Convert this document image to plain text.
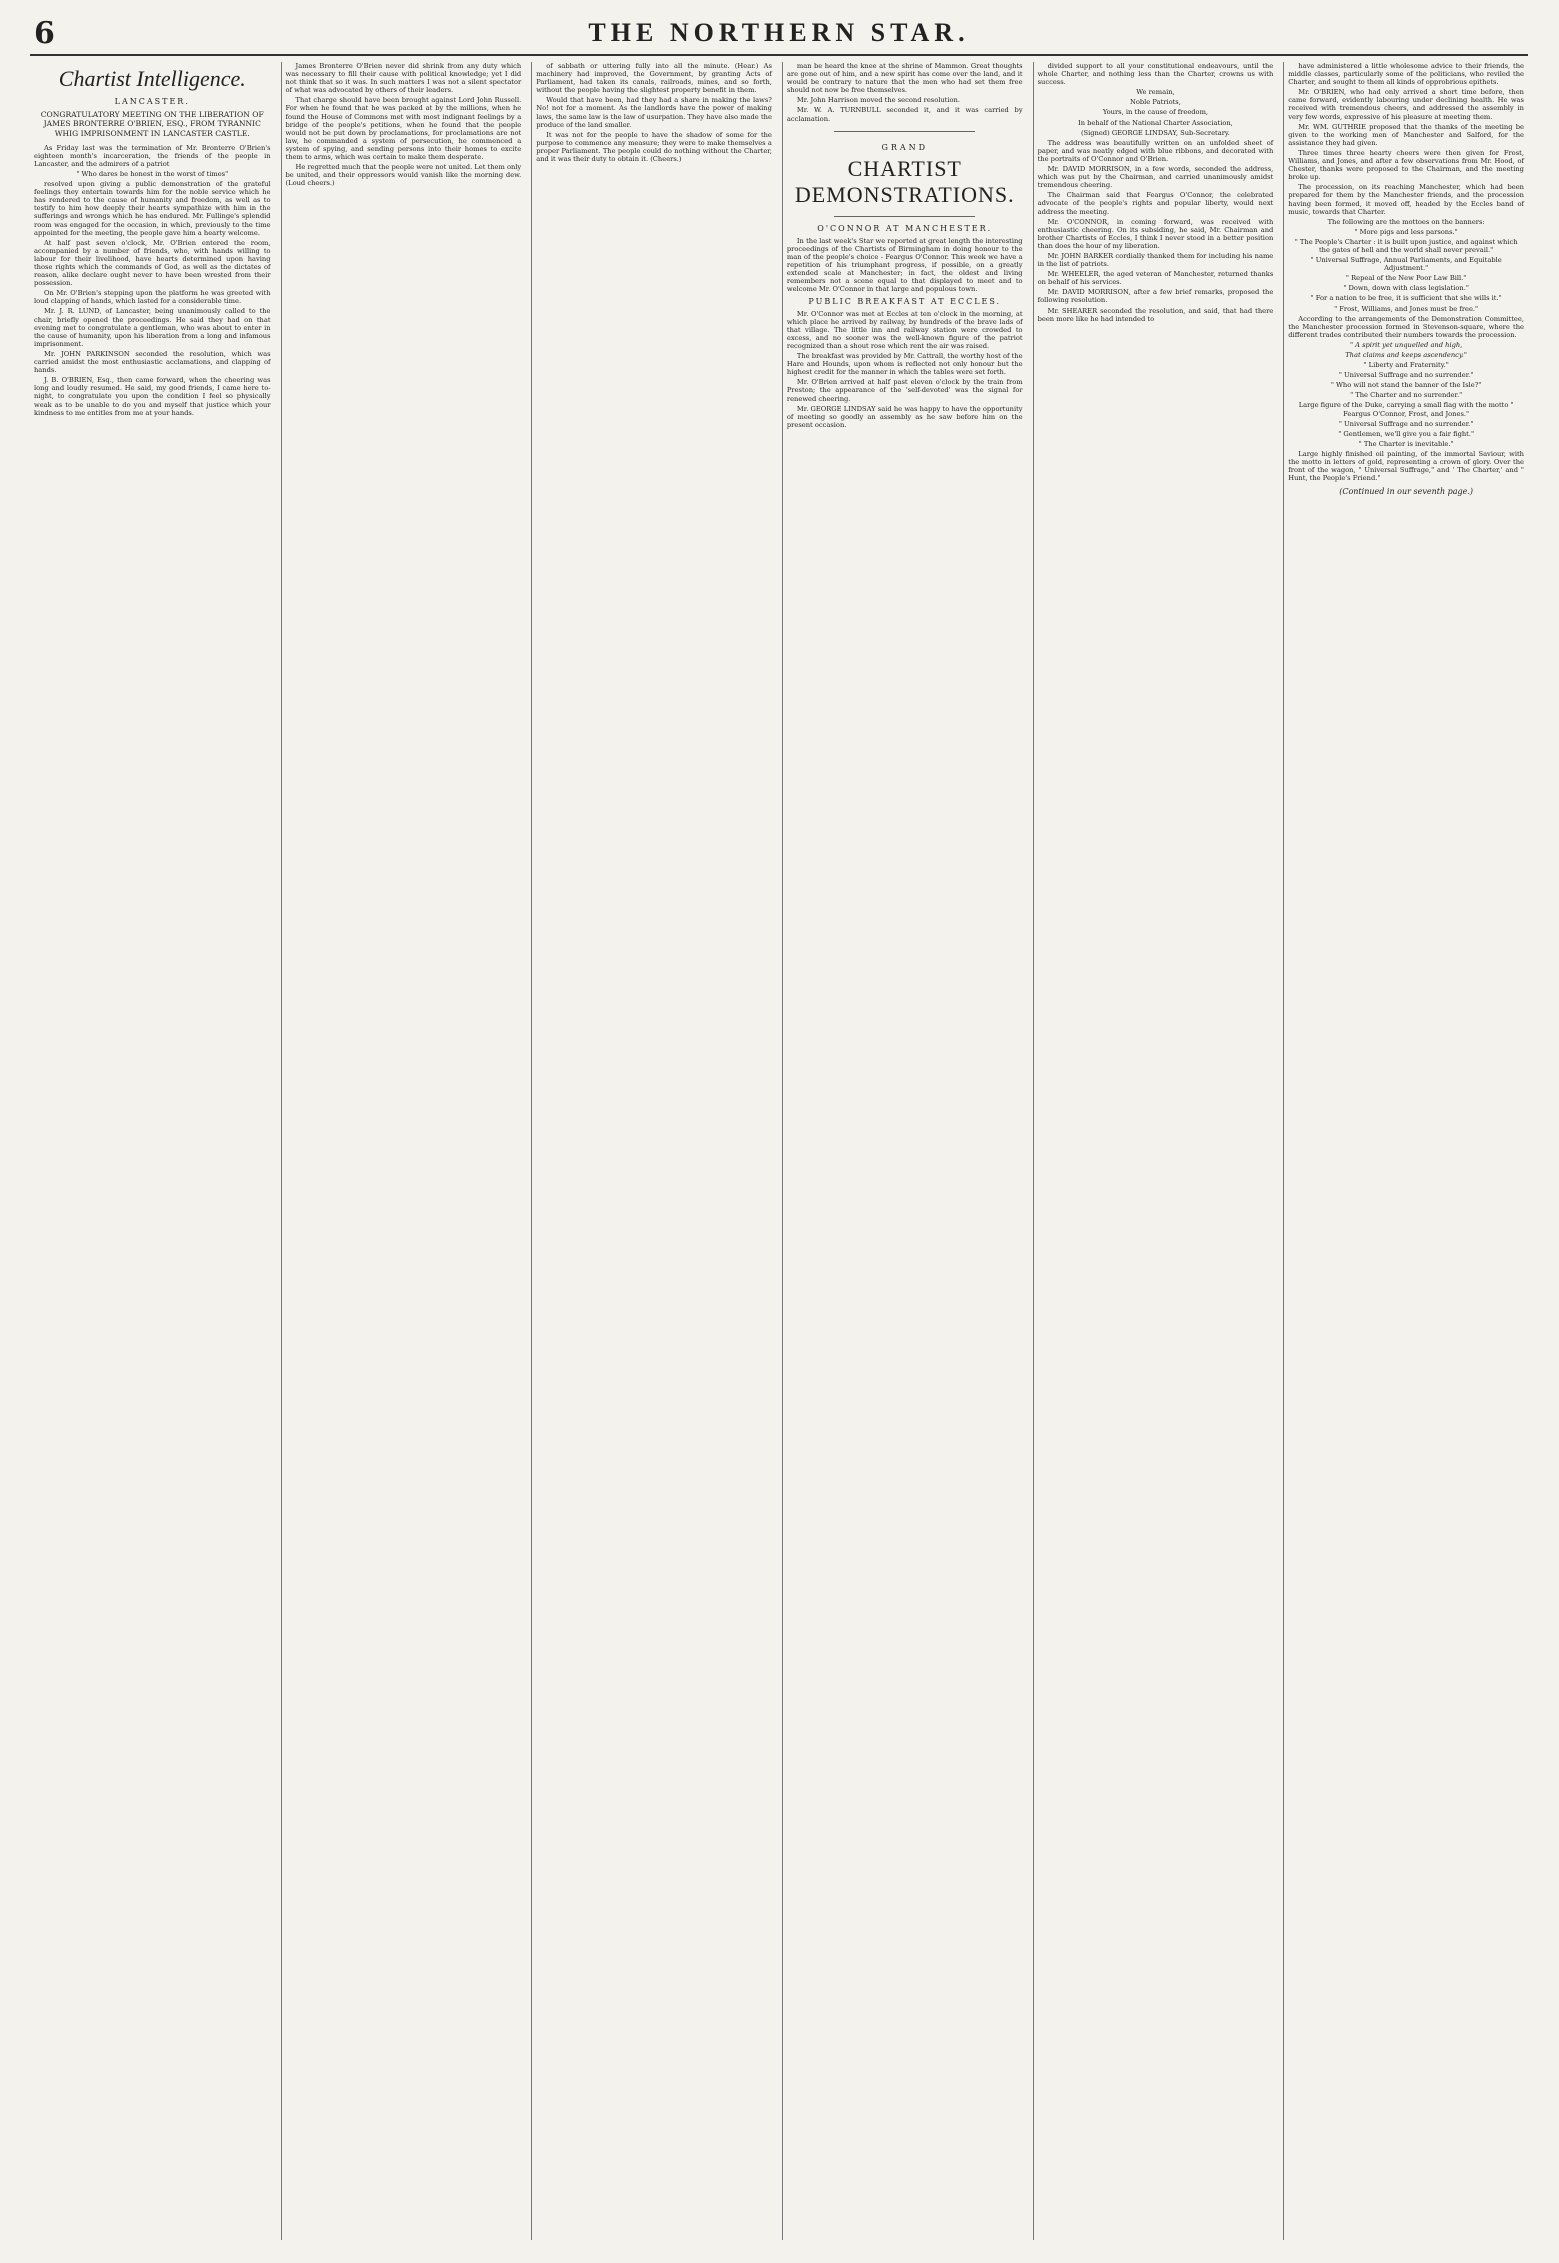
6	THE NORTHERN STAR.
Chartist Intelligence.
LANCASTER.
CONGRATULATORY MEETING ON THE LIBERATION OF JAMES BRONTERRE O'BRIEN, ESQ., FROM TYRANNIC WHIG IMPRISONMENT IN LANCASTER CASTLE.

As Friday last was the termination of Mr. Bronterre O'Brien's eighteen month's incarceration, the friends of the people in Lancaster, and the admirers of a patriot

" Who dares be honest in the worst of times"

resolved upon giving a public demonstration of the grateful feelings they entertain towards him for the noble service which he has rendered to the cause of humanity and freedom, as well as to testify to him how deeply their hearts sympathize with him in the sufferings and wrongs which he has endured. Mr. Fullinge's splendid room was engaged for the occasion, in which, previously to the time appointed for the meeting, the people gave him a hearty welcome.

At half past seven o'clock, Mr. O'Brien entered the room, accompanied by a number of friends, who, with hands willing to labour for their livelihood, have hearts determined upon having those rights which the commands of God, as well as the dictates of reason, alike declare ought never to have been wrested from their possession.

On Mr. O'Brien's stepping upon the platform he was greeted with loud clapping of hands, which lasted for a considerable time.

Mr. J. R. LUND, of Lancaster, being unanimously called to the chair, briefly opened the proceedings. He said they had on that evening met to congratulate a gentleman, who was about to enter in the cause of humanity, upon his liberation from a long and infamous imprisonment.

Mr. JOHN PARKINSON seconded the resolution, which was carried amidst the most enthusiastic acclamations, and clapping of hands.

J. B. O'BRIEN, Esq., then came forward, when the cheering was long and loudly resumed. He said, my good friends, I came here to-night, to congratulate you upon the condition I feel so physically weak as to be unable to do you and myself that justice which your kindness to me entitles from me at your hands.

James Bronterre O'Brien never did shrink from any duty which was necessary to fill their cause with political knowledge; yet I did not think that so it was. In such matters I was not a silent spectator of what was advocated by others of their leaders.

That charge should have been brought against Lord John Russell. For when he found that he was packed at by the millions, when he found the House of Commons met with most indignant feelings by a bridge of the people's petitions, when he found that the people would not be put down by proclamations, for proclamations are not law, he commanded a system of persecution, he commenced a system of spying, and sending persons into their homes to excite them to arms, which was certain to make them desperate.

He regretted much that the people were not united. Let them only be united, and their oppressors would vanish like the morning dew. (Loud cheers.)

of sabbath or uttering fully into all the minute. (Hear.) As machinery had improved, the Government, by granting Acts of Parliament, had taken its canals, railroads, mines, and so forth, without the people having the slightest property benefit in them.

Would that have been, had they had a share in making the laws? No! not for a moment. As the landlords have the power of making laws, the same law is the law of usurpation. They have also made the produce of the land smaller.

It was not for the people to have the shadow of some for the purpose to commence any measure; they were to make themselves a proper Parliament. The people could do nothing without the Charter, and it was their duty to obtain it. (Cheers.)

man be heard the knee at the shrine of Mammon. Great thoughts are gone out of him, and a new spirit has come over the land, and it would be contrary to nature that the men who had set them free should not now be free themselves.

Mr. John Harrison moved the second resolution.

Mr. W. A. TURNBULL seconded it, and it was carried by acclamation.

GRAND
CHARTIST DEMONSTRATIONS.
O'CONNOR AT MANCHESTER.

In the last week's Star we reported at great length the interesting proceedings of the Chartists of Birmingham in doing honour to the man of the people's choice - Feargus O'Connor. This week we have a repetition of his triumphant progress, if possible, on a greatly extended scale at Manchester; in fact, the oldest and living remembers not a scene equal to that displayed to meet and to welcome Mr. O'Connor in that large and populous town.

PUBLIC BREAKFAST AT ECCLES.

Mr. O'Connor was met at Eccles at ten o'clock in the morning, at which place he arrived by railway, by hundreds of the brave lads of that village. The little inn and railway station were crowded to excess, and no sooner was the well-known figure of the patriot recognized than a shout rose which rent the air was raised.

The breakfast was provided by Mr. Cattrall, the worthy host of the Hare and Hounds, upon whom is reflected not only honour but the highest credit for the manner in which the tables were set forth.

Mr. O'Brien arrived at half past eleven o'clock by the train from Preston; the appearance of the 'self-devoted' was the signal for renewed cheering.

Mr. GEORGE LINDSAY said he was happy to have the opportunity of meeting so goodly an assembly as he saw before him on the present occasion.

divided support to all your constitutional endeavours, until the whole Charter, and nothing less than the Charter, crowns us with success.

We remain,

Noble Patriots,

Yours, in the cause of freedom,

In behalf of the National Charter Association,

(Signed) GEORGE LINDSAY, Sub-Secretary.

The address was beautifully written on an unfolded sheet of paper, and was neatly edged with blue ribbons, and decorated with the portraits of O'Connor and O'Brien.

Mr. DAVID MORRISON, in a few words, seconded the address, which was put by the Chairman, and carried unanimously amidst tremendous cheering.

The Chairman said that Feargus O'Connor, the celebrated advocate of the people's rights and popular liberty, would next address the meeting.

Mr. O'CONNOR, in coming forward, was received with enthusiastic cheering. On its subsiding, he said, Mr. Chairman and brother Chartists of Eccles, I think I never stood in a better position than does the hour of my liberation.

Mr. JOHN BARKER cordially thanked them for including his name in the list of patriots.

Mr. WHEELER, the aged veteran of Manchester, returned thanks on behalf of his services.

Mr. DAVID MORRISON, after a few brief remarks, proposed the following resolution.

Mr. SHEARER seconded the resolution, and said, that had there been more like he had intended to

have administered a little wholesome advice to their friends, the middle classes, particularly some of the politicians, who reviled the Charter, and sought to them all kinds of opprobrious epithets.

Mr. O'BRIEN, who had only arrived a short time before, then came forward, evidently labouring under declining health. He was received with tremendous cheers, and addressed the assembly in very few words, expressive of his pleasure at meeting them.

Mr. WM. GUTHRIE proposed that the thanks of the meeting be given to the working men of Manchester and Salford, for the assistance they had given.

Three times three hearty cheers were then given for Frost, Williams, and Jones, and after a few observations from Mr. Hood, of Chester, thanks were proposed to the Chairman, and the meeting broke up.

The procession, on its reaching Manchester, which had been prepared for them by the Manchester friends, and the procession having been formed, it moved off, headed by the Eccles band of music, towards that Charter.

The following are the mottoes on the banners:

" More pigs and less parsons."

" The People's Charter : it is built upon justice, and against which the gates of hell and the world shall never prevail."

" Universal Suffrage, Annual Parliaments, and Equitable Adjustment."

" Repeal of the New Poor Law Bill."

" Down, down with class legislation."

" For a nation to be free, it is sufficient that she wills it."

" Frost, Williams, and Jones must be free."

According to the arrangements of the Demonstration Committee, the Manchester procession formed in Stevenson-square, where the different trades contributed their numbers towards the procession.

" A spirit yet unquelled and high,

That claims and keeps ascendency."

" Liberty and Fraternity."

" Universal Suffrage and no surrender."

" Who will not stand the banner of the Isle?"

" The Charter and no surrender."

Large figure of the Duke, carrying a small flag with the motto " Feargus O'Connor, Frost, and Jones."

" Universal Suffrage and no surrender."

" Gentlemen, we'll give you a fair fight."

" The Charter is inevitable."

Large highly finished oil painting, of the immortal Saviour, with the motto in letters of gold, representing a crown of glory. Over the front of the wagon, " Universal Suffrage," and ' The Charter,' and " Hunt, the People's Friend."

(Continued in our seventh page.)
